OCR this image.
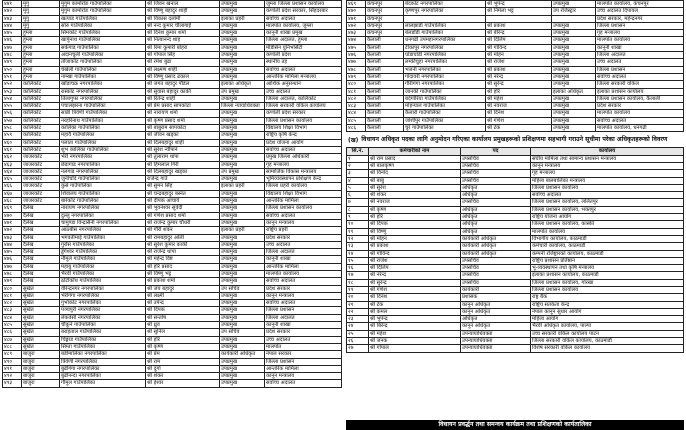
४४१	मुगु	मुगुम कार्मारोङ गाउँपालिका	श्री जिवन खनाल	उपप्रमुख	जुम्ला जिल्ला प्रशासन कार्यालय
४४२	मुगु	मुगुम कार्मारोङ गाउँपालिका	श्री विष्णु बहादुर शाही	उपप्रमुख	कर्णाली प्रदेश सरकार, सिंहदरबार
४४३	मुगु	खत्याड गाउँपालिका	श्री विकास दर्लामी	इलाका प्रहरी	सर्वोच्च अदालत
४४४	मुगु	सोरु गाउँपालिका	श्री नन्द कुमार चौलागाईं	उपप्रमुख	मालपोत कार्यालय, जुम्ला
४४५	हुम्ला	सिमकोट गाउँपालिका	श्री दिनेश कुमार शर्मा	उपप्रमुख	कानूनी शाखा प्रमुख
४४६	हुम्ला	खार्पुनाथ गाउँपालिका	श्री नित्यानन्द शाह	उपप्रमुख	जिल्ला अदालत, हुम्ला
४४७	हुम्ला	सर्केगाड गाउँपालिका	श्री रिमा कुमारी बोहरा	उपप्रमुख	मेडिसिन युनिभर्सिटी
४४८	हुम्ला	अदानचुली गाउँपालिका	श्री गोपाल सिंह	उपप्रमुख	कर्णाली प्रदेश
४४९	हुम्ला	ताँजाकोट गाउँपालिका	श्री रमेश बुढा	उपप्रमुख	स्थानीय तह
४५०	हुम्ला	चंखेली गाउँपालिका	श्री लक्ष्मण शाही	उपप्रमुख	सर्वोच्च अदालत
४५१	हुम्ला	नाम्खा गाउँपालिका	श्री विष्णु प्रसाद ढकाल	उपप्रमुख	आन्तरिक मामिला मन्त्रालय
४५२	कालिकोट	खाँडाचक्र नगरपालिका	श्री जगत बहादुर पौडेल	इलाका अधिकृत	आर्थिक अनुसन्धान
४५३	कालिकोट	रास्कोट नगरपालिका	श्री सुवास बहादुर कार्की	उप प्रमुख	उच्च अदालत
४५४	कालिकोट	तिलागुफा नगरपालिका	श्री रितेन्द्र शाही	उपप्रमुख	जिल्ला अदालत, कालिकोट
४५५	कालिकोट	पचालझरना गाउँपालिका	श्री प्रेम प्रसाद सापकोटा	जिल्ला न्यायाधिवक्ता	जिल्ला सरकारी वकिल कार्यालय
४५६	कालिकोट	सान्नी त्रिवेणी गाउँपालिका	श्री नारायण शर्मा	उपप्रमुख	कर्णाली प्रदेश सरकार
४५७	कालिकोट	नरहरिनाथ गाउँपालिका	श्री कृष्ण प्रसाद शर्मा	उपप्रमुख	जिल्ला प्रशासन कार्यालय
४५८	कालिकोट	कालिका गाउँपालिका	श्री बाबुराम सापकोटा	उपप्रमुख	विद्यालय शिक्षा विभाग
४५९	कालिकोट	महावै गाउँपालिका	श्री जीवन खड्का	उपप्रमुख	राष्ट्रिय कृषि केन्द्र
४६०	कालिकोट	पलाता गाउँपालिका	श्री दिलबहादुर शाही	उपप्रमुख	प्रदेश योजना आयोग
४६१	कालिकोट	शुभ कालिका गाउँपालिका	श्री सुरेश न्यौपाने	उपप्रमुख	सर्वोच्च अदालत
४६२	जाजरकोट	भेरी नगरपालिका	श्री तुलाराम थापा	उपप्रमुख	प्रमुख जिल्ला अधिकारी
४६३	जाजरकोट	छेडागाड नगरपालिका	श्री हिमलाल गिरी	उपप्रमुख	गृह मन्त्रालय
४६४	जाजरकोट	नलगाड नगरपालिका	श्री दिलबहादुर खड्का	उप प्रमुख	सामाजिक विकास मन्त्रालय
४६५	जाजरकोट	जुनीचाँदे गाउँपालिका	राजेन्द्र गाउँ	उपप्रमुख	भूमिव्यवस्थापन प्रशिक्षण केन्द्र
४६६	जाजरकोट	कुसे गाउँपालिका	श्री सुमन सिंह	इलाका प्रहरी	जिल्ला प्रहरी कार्यालय
४६७	जाजरकोट	शिवालय गाउँपालिका	श्री चन्द्रबहादुर बस्नेत	उपप्रमुख	विद्यालय शिक्षा विभाग
४६८	जाजरकोट	बारेकोट गाउँपालिका	श्री दीपक आचार्य	उपप्रमुख	आन्तरिक मामिला
४६९	दैलेख	नारायण नगरपालिका	श्री भुवनेश्वर सुवेदी	उपप्रमुख	जिल्ला प्रशासन कार्यालय
४७०	दैलेख	दुल्लु नगरपालिका	श्री गणेश प्रसाद शर्मा	उपप्रमुख	सर्वोच्च अदालत
४७१	दैलेख	चामुण्डा विन्द्रासैनी नगरपालिका	श्री राजेन्द्र कुमार चौधरी	उपप्रमुख	कानून मन्त्रालय
४७२	दैलेख	आठबीस नगरपालिका	श्री गौरी शंकर	इलाका प्रहरी	राष्ट्रिय प्रहरी
४७३	दैलेख	भगवतीमाई गाउँपालिका	श्री रामबहादुर ओली	उपप्रमुख	प्रदेश सरकार
४७४	दैलेख	गुराँस गाउँपालिका	श्री सुरेश कुमार कार्की	उपप्रमुख	उच्च अदालत
४७५	दैलेख	डुंगेश्वर गाउँपालिका	श्री राजेन्द्र थापा	उपप्रमुख	जिल्ला अदालत
४७६	दैलेख	नौमुले गाउँपालिका	श्री महेन्द्र विष्ट	उपप्रमुख	कानूनी शाखा
४७७	दैलेख	महाबु गाउँपालिका	श्री हरि प्रसाद	उपप्रमुख	आन्तरिक मामिला
४७८	दैलेख	भैरवी गाउँपालिका	श्री विष्णु भट्ट	उपप्रमुख	मालपोत कार्यालय
४७९	दैलेख	ठाँटीकाँध गाउँपालिका	श्री प्रकाश शर्मा	उपप्रमुख	सर्वोच्च अदालत
४८०	सुर्खेत	वीरेन्द्रनगर नगरपालिका	श्री जय बहादुर	उप सचिव	प्रदेश सरकार
४८१	सुर्खेत	भेरीगंगा नगरपालिका	श्री लक्ष्मी	उपप्रमुख	कानून मन्त्रालय
४८२	सुर्खेत	गुर्भाकोट नगरपालिका	श्री उपेन्द्र	उपप्रमुख	सर्वोच्च अदालत
४८३	सुर्खेत	पञ्चपुरी नगरपालिका	श्री दिपक	उपप्रमुख	जिल्ला प्रशासन
४८४	सुर्खेत	लेकवेसी नगरपालिका	श्री सन्तोष	उपप्रमुख	जिल्ला अदालत
४८५	सुर्खेत	चौकुने गाउँपालिका	श्री ध्रुव	उपप्रमुख	कानूनी शाखा
४८६	सुर्खेत	बराहताल गाउँपालिका	श्री सुनिल	उप सचिव	प्रदेश सरकार
४८७	सुर्खेत	चिङ्गाड गाउँपालिका	श्री हरि	उपप्रमुख	उच्च अदालत
४८८	सुर्खेत	सिम्ता गाउँपालिका	श्री कृष्ण	उपप्रमुख	मालपोत
४८९	बाजुरा	बडीमालिका नगरपालिका	श्री प्रेम	कार्यकारी अधिकृत	नेपाल सरकार
४९०	बाजुरा	त्रिवेणी नगरपालिका	श्री राम	उपप्रमुख	जिल्ला प्रशासन
४९१	बाजुरा	बुढीगंगा नगरपालिका	श्री दुर्गा	उपप्रमुख	आन्तरिक मामिला
४९२	बाजुरा	बुढीनन्दा नगरपालिका	श्री शंकर	उपप्रमुख	कानून मन्त्रालय
४९३	बाजुरा	गौमुल गाउँपालिका	श्री ईश्वर	उपप्रमुख	सर्वोच्च अदालत
४६९	कंचनपुर	बेदकोट नगरपालिका	श्री भुपेन्द्र	उपप्रमुख	मालपोत कार्यालय, कंचनपुर
४७०	कंचनपुर	कृष्णपुर नगरपालिका	श्री निर्मला भट्ट	उप रजिस्ट्रार	उच्च अदालत दिपायल
४७१	कंचनपुर				प्रदेश सरकार, महेन्द्रनगर
४७२	कंचनपुर	लालझाडी गाउँपालिका	श्री प्रकाश	उपप्रमुख	जिल्ला प्रशासन
४७३	कंचनपुर	बेलडाँडी गाउँपालिका	श्री बीरेन्द्र	उपप्रमुख	गृह मन्त्रालय
४७४	कैलाली	धनगढी उपमहानगरपालिका	श्री दिलिप	उपप्रमुख	मालपोत कार्यालय
४७५	कैलाली	टीकापुर नगरपालिका	श्री गोविन्द	उपप्रमुख	कानूनी शाखा
४७६	कैलाली	घोडाघोडी नगरपालिका	श्री मोहन	उपप्रमुख	जिल्ला अदालत
४७७	कैलाली	लम्कीचुहा नगरपालिका	श्री राजेश	उपप्रमुख	उच्च अदालत
४७८	कैलाली	भजनी नगरपालिका	श्री प्रकाश	उपप्रमुख	जिल्ला प्रशासन
४७९	कैलाली	गोदावरी नगरपालिका	श्री नरेन्द्र	उपप्रमुख	सर्वोच्च अदालत
४८०	कैलाली	गौरीगंगा नगरपालिका	श्री सुरेन्द्र	उपप्रमुख	जिल्ला सरकारी वकिल
४८१	कैलाली	जानकी गाउँपालिका	श्री हरि	इलाका अधिकृत	इलाका प्रशासन कार्यालय
४८२	कैलाली	बर्दगोरिया गाउँपालिका	श्री महेश	उपप्रमुख	जिल्ला प्रशासन कार्यालय, कैलाली
४८३	कैलाली	मोहन्याल गाउँपालिका	श्री नवराज	उपप्रमुख	प्रदेश सरकार
४८४	कैलाली	कैलारी गाउँपालिका	श्री दिनेश	उपप्रमुख	मालपोत कार्यालय
४८५	कैलाली	जोशीपुर गाउँपालिका	श्री गणेश	उपप्रमुख	सर्वोच्च अदालत
४८६	कैलाली	चुरे गाउँपालिका	श्री टेक	उपप्रमुख	मालपोत कार्यालय, धनगढी
(ख) विधायन अधिकृत पदका लागि अनुमोदन गरिएका कार्यालय प्रमुखहरूको प्रशिक्षणमा सहभागी गराउने सूचीमा परेका अधिकृतहरूको विवरण
सि.नं.	कर्मचारीको नाम	पद	कार्यालय
१	श्री राम प्रसाद	उपसचिव	संघीय मामिला तथा सामान्य प्रशासन मन्त्रालय
२	श्री बालकृष्ण	उपसचिव	कानून मन्त्रालय
३	श्री विनोद	उपसचिव	गृह मन्त्रालय
४	श्री बाबु	उपसचिव	महिला बालबालिका मन्त्रालय
५	श्री सुरेश	अधिकृत	जिल्ला प्रशासन कार्यालय
६	श्री शंकर	अधिकृत	सर्वोच्च अदालत
७	श्री नवराज	उपसचिव	जिल्ला प्रशासन कार्यालय, ललितपुर
८	श्री कृष्ण	अधिकृत	जिल्ला प्रशासन कार्यालय, भक्तपुर
९	श्री हरि	अधिकृत	राष्ट्रिय योजना आयोग
१०	श्री दिपक	अधिकृत	जिल्ला प्रशासन कार्यालय, कास्की
११	श्री विष्णु	अधिकृत	मालपोत कार्यालय
१२	श्री मोहन	कार्यकारी अधिकृत	विभागीय कार्यालय, काठमाडौं
१३	श्री प्रकाश	कार्यकारी अधिकृत	कर्मचारी कार्यालय, काठमाडौं
१४	श्री गोविन्द	कार्यकारी अधिकृत	कम्पनी रजिष्ट्रारको कार्यालय, काठमाडौं
१५	श्री राजेश	उपसचिव	राष्ट्रिय प्रशासन प्रतिष्ठान
१६	श्री दिलिप	उपसचिव	भू-व्यवस्थापन तथा कृषि मन्त्रालय
१७	श्री नरेन्द्र	उपसचिव	इलाका प्रशासन कार्यालय, काठमाडौं
१८	श्री सुरेन्द्र	उपसचिव	जिल्ला प्रशासन कार्यालय, गोरखा
१९	श्री गणेश	कार्यकारी	जिल्ला प्रशासन कार्यालय
२०	श्री दिनेश	प्रशासक	राष्ट्र बैंक
२१	श्री टेक	कानून अधिकृत	राष्ट्रिय सतर्कता केन्द्र
२२	श्री कमल	कानून अधिकृत	नेपाल कानून सुधार आयोग
२३	श्री भुपेन्द्र	अधिकृत	महिला आयोग
२४	श्री बिरेन्द्र	कानून अधिकृत	भैरवी अधिकृत कार्यालय, पाल्पा
२५	श्री महेश	उपन्यायाधिवक्ता	उच्च सरकारी वकिल कार्यालय पाटन
२६	श्री जनक	उपन्यायाधिवक्ता	जिल्ला सरकारी वकिल कार्यालय, काठमाडौं
२७	श्री गोपाल	उपन्यायाधिवक्ता	विशेष सरकारी वकिल कार्यालय
विधायन प्रवर्द्धन तथा समन्वय कार्यक्रम तथा प्रशिक्षणको कार्यतालिका
